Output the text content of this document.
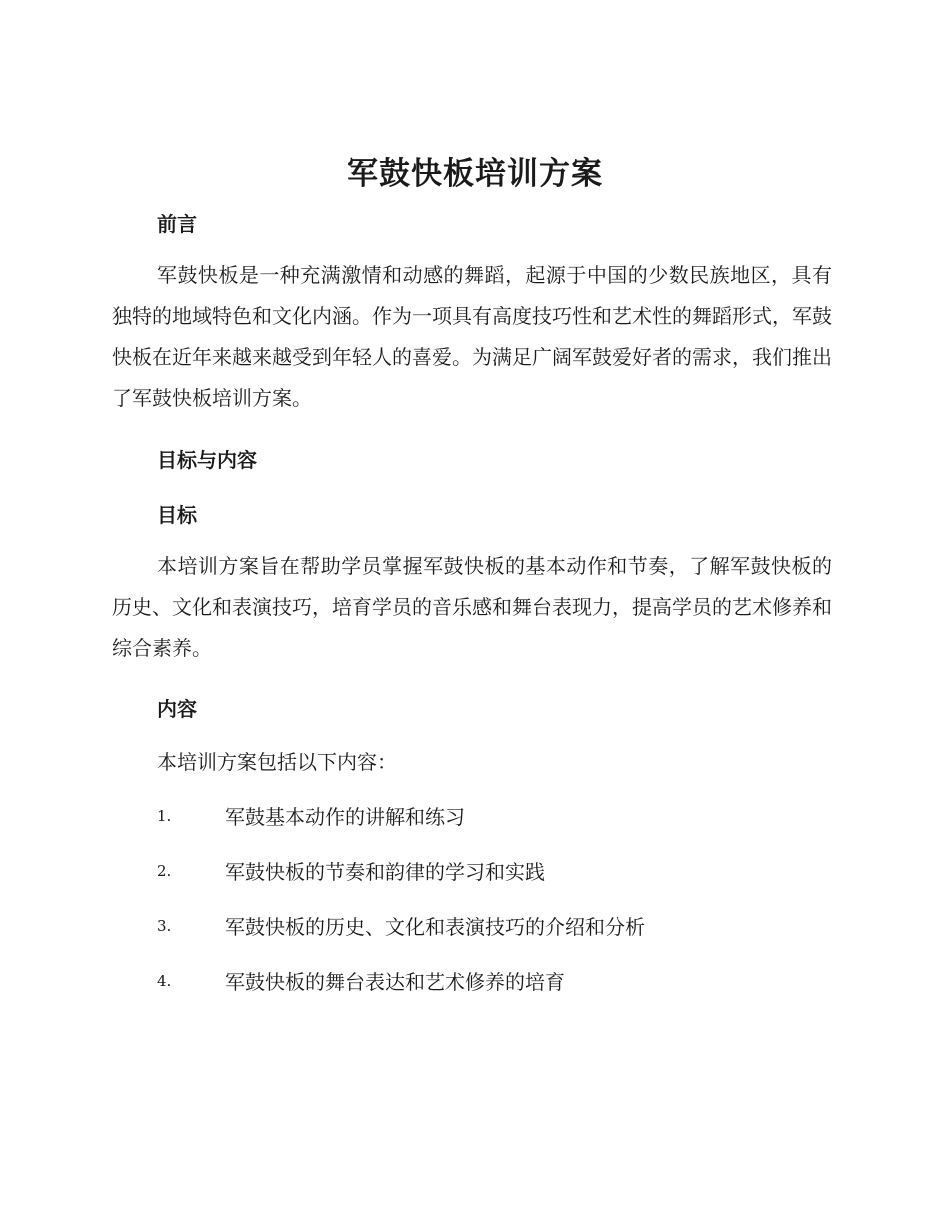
军鼓快板培训方案
前言

军鼓快板是一种充满激情和动感的舞蹈，起源于中国的少数民族地区，具有独特的地域特色和文化内涵。作为一项具有高度技巧性和艺术性的舞蹈形式，军鼓快板在近年来越来越受到年轻人的喜爱。为满足广阔军鼓爱好者的需求，我们推出了军鼓快板培训方案。

目标与内容
目标

本培训方案旨在帮助学员掌握军鼓快板的基本动作和节奏，了解军鼓快板的历史、文化和表演技巧，培育学员的音乐感和舞台表现力，提高学员的艺术修养和综合素养。

内容

本培训方案包括以下内容：

1.	军鼓基本动作的讲解和练习
2.	军鼓快板的节奏和韵律的学习和实践
3.	军鼓快板的历史、文化和表演技巧的介绍和分析
4.	军鼓快板的舞台表达和艺术修养的培育
